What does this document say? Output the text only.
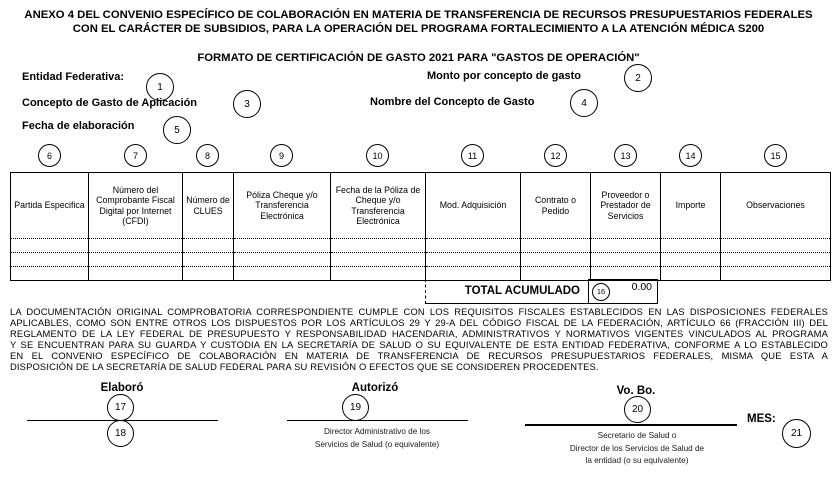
ANEXO 4 DEL CONVENIO ESPECÍFICO DE COLABORACIÓN EN MATERIA DE TRANSFERENCIA DE RECURSOS PRESUPUESTARIOS FEDERALES
CON EL CARÁCTER DE SUBSIDIOS, PARA LA OPERACIÓN DEL PROGRAMA FORTALECIMIENTO A LA ATENCIÓN MÉDICA S200
FORMATO DE CERTIFICACIÓN DE GASTO 2021 PARA "GASTOS DE OPERACIÓN"
Entidad Federativa:	Monto por concepto de gasto
Concepto de Gasto de Aplicación	Nombre del Concepto de Gasto
Fecha de elaboración
1
2
3	4
5
6	7	8	9	10	11	12	13	14	15
Partida Especifica	Número del Comprobante Fiscal Digital por Internet (CFDI)	Número de CLUES	Póliza Cheque y/o Transferencia Electrónica	Fecha de la Póliza de Cheque y/o Transferencia Electrónica	Mod. Adquisición	Contrato o Pedido	Proveedor o Prestador de Servicios	Importe	Observaciones

TOTAL ACUMULADO	16	0.00
LA DOCUMENTACIÓN ORIGINAL COMPROBATORIA CORRESPONDIENTE CUMPLE CON LOS REQUISITOS FISCALES ESTABLECIDOS EN LAS DISPOSICIONES FEDERALES
APLICABLES, COMO SON ENTRE OTROS LOS DISPUESTOS POR LOS ARTÍCULOS 29 Y 29-A DEL CÓDIGO FISCAL DE LA FEDERACIÓN, ARTÍCULO 66 (FRACCIÓN III) DEL
REGLAMENTO DE LA LEY FEDERAL DE PRESUPUESTO Y RESPONSABILIDAD HACENDARIA, ADMINISTRATIVOS Y NORMATIVOS VIGENTES VINCULADOS AL PROGRAMA
Y SE ENCUENTRAN PARA SU GUARDA Y CUSTODIA EN LA SECRETARÍA DE SALUD O SU EQUIVALENTE DE ESTA ENTIDAD FEDERATIVA, CONFORME A LO ESTABLECIDO
EN EL CONVENIO ESPECÍFICO DE COLABORACIÓN EN MATERIA DE TRANSFERENCIA DE RECURSOS PRESUPUESTARIOS FEDERALES, MISMA QUE ESTA A
DISPOSICIÓN DE LA SECRETARÍA DE SALUD FEDERAL PARA SU REVISIÓN O EFECTOS QUE SE CONSIDEREN PROCEDENTES.
Elaboró	Autorizó	Vo. Bo.
17
18
19	20
21
Director Administrativo de los
Servicios de Salud (o equivalente)
Secretario de Salud o
Director de los Servicios de Salud de
la entidad (o su equivalente)
MES:
